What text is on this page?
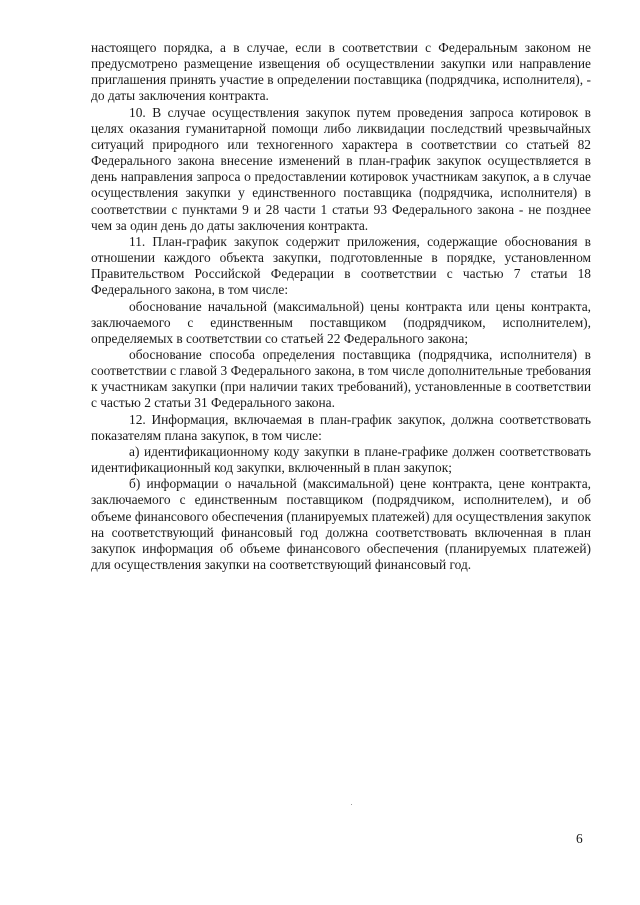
настоящего порядка, а в случае, если в соответствии с Федеральным законом не предусмотрено размещение извещения об осуществлении закупки или направление приглашения принять участие в определении поставщика (подрядчика, исполнителя), - до даты заключения контракта.

10. В случае осуществления закупок путем проведения запроса котировок в целях оказания гуманитарной помощи либо ликвидации последствий чрезвычайных ситуаций природного или техногенного характера в соответствии со статьей 82 Федерального закона внесение изменений в план-график закупок осуществляется в день направления запроса о предоставлении котировок участникам закупок, а в случае осуществления закупки у единственного поставщика (подрядчика, исполнителя) в соответствии с пунктами 9 и 28 части 1 статьи 93 Федерального закона - не позднее чем за один день до даты заключения контракта.

11. План-график закупок содержит приложения, содержащие обоснования в отношении каждого объекта закупки, подготовленные в порядке, установленном Правительством Российской Федерации в соответствии с частью 7 статьи 18 Федерального закона, в том числе:

обоснование начальной (максимальной) цены контракта или цены контракта, заключаемого с единственным поставщиком (подрядчиком, исполнителем), определяемых в соответствии со статьей 22 Федерального закона;

обоснование способа определения поставщика (подрядчика, исполнителя) в соответствии с главой 3 Федерального закона, в том числе дополнительные требования к участникам закупки (при наличии таких требований), установленные в соответствии с частью 2 статьи 31 Федерального закона.

12. Информация, включаемая в план-график закупок, должна соответствовать показателям плана закупок, в том числе:

а) идентификационному коду закупки в плане-графике должен соответствовать идентификационный код закупки, включенный в план закупок;

б) информации о начальной (максимальной) цене контракта, цене контракта, заключаемого с единственным поставщиком (подрядчиком, исполнителем), и об объеме финансового обеспечения (планируемых платежей) для осуществления закупок на соответствующий финансовый год должна соответствовать включенная в план закупок информация об объеме финансового обеспечения (планируемых платежей) для осуществления закупки на соответствующий финансовый год.

6
